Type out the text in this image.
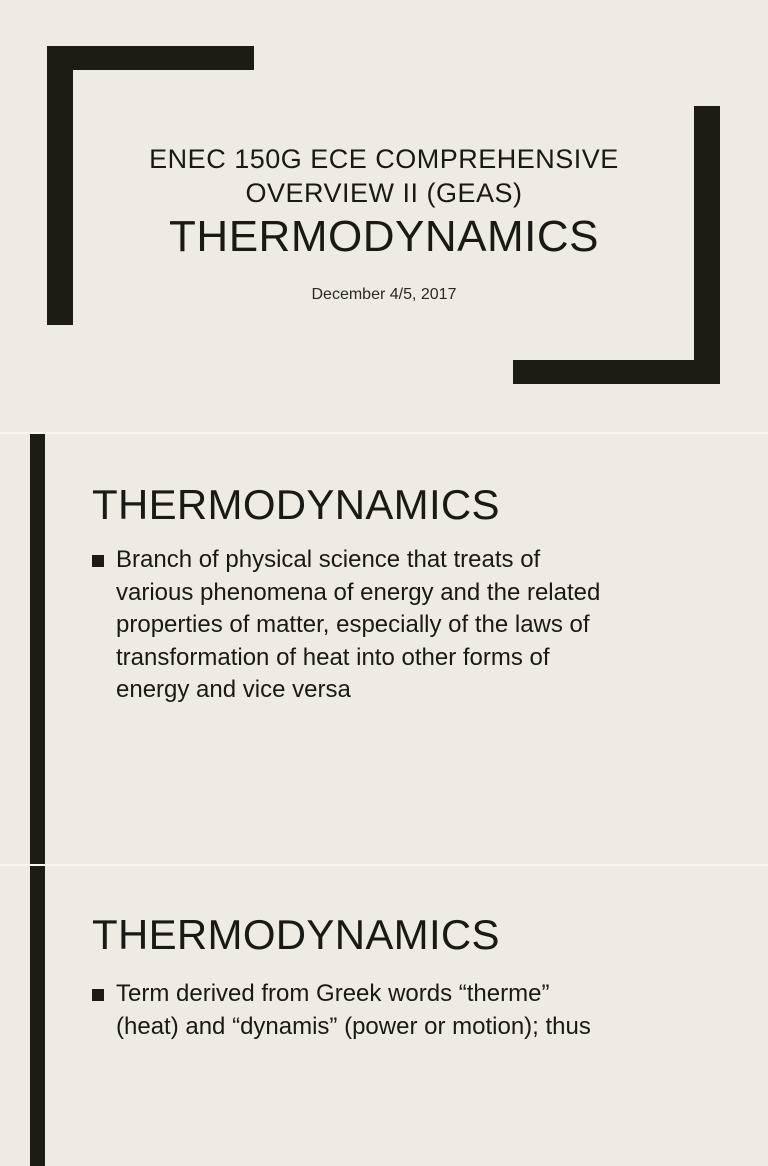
ENEC 150G ECE COMPREHENSIVE
OVERVIEW II (GEAS)
THERMODYNAMICS
December 4/5, 2017
THERMODYNAMICS
Branch of physical science that treats of
various phenomena of energy and the related
properties of matter, especially of the laws of
transformation of heat into other forms of
energy and vice versa
THERMODYNAMICS
Term derived from Greek words “therme”
(heat) and “dynamis” (power or motion); thus
